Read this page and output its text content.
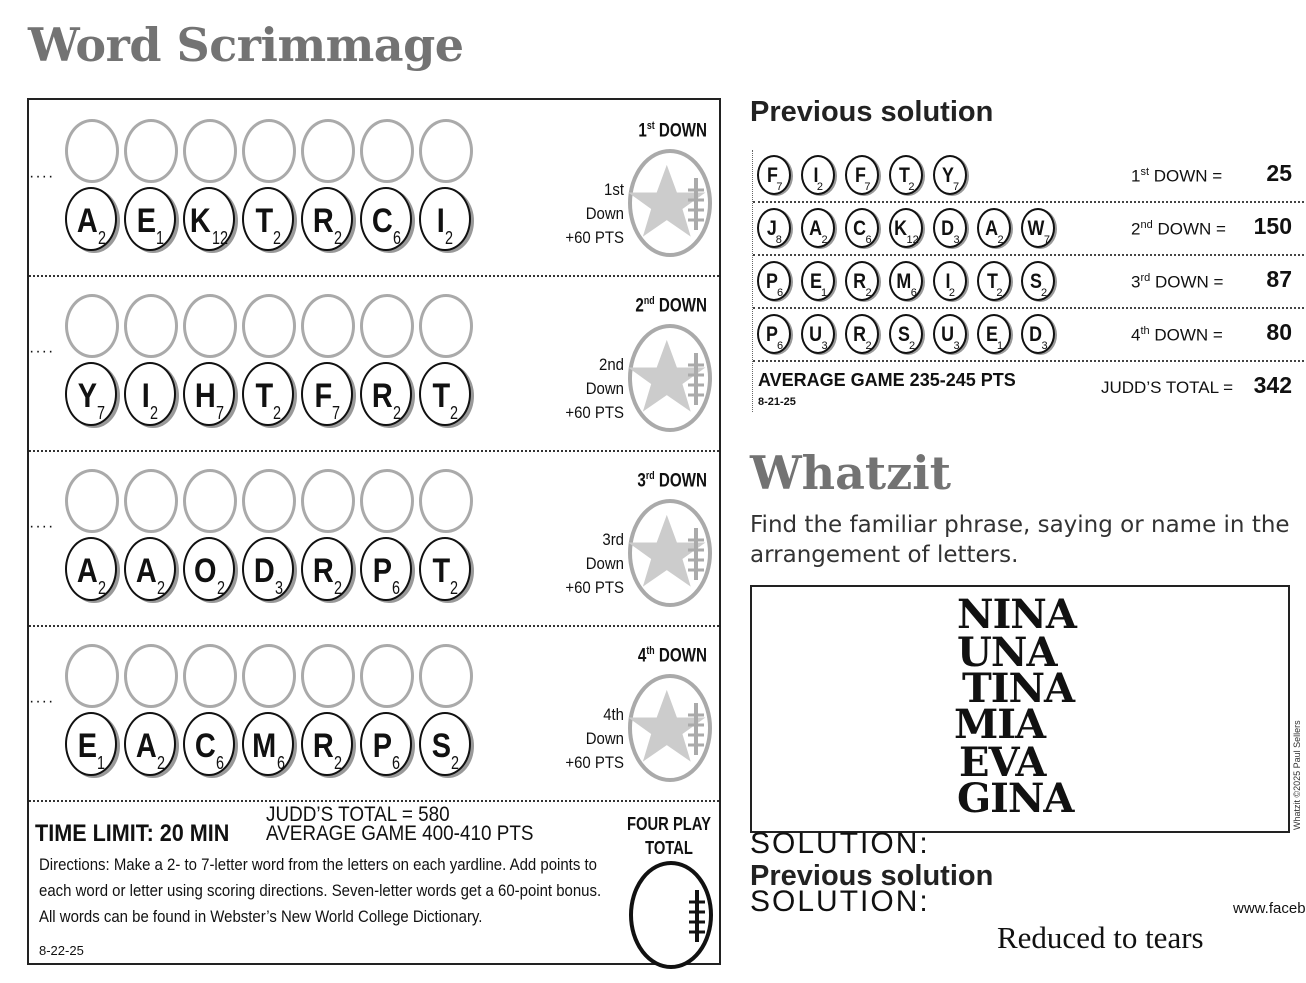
Word Scrimmage
····
A2 E1 K 12 T2 R2 C6	I2
1st DOWN
1st Down
+60 PTS
····
Y7	I2	H7 T2 F7 R2 T2
2nd DOWN
2nd Down
+60 PTS
····
A2 A2 O2 D3 R2 P6 T2
3rd DOWN
3rd Down
+60 PTS
····
E1 A2 C6 M6 R2 P6 S2
4th DOWN
4th Down
+60 PTS
TIME LIMIT: 20 MIN
JUDD’S TOTAL = 580
AVERAGE GAME 400-410 PTS
Directions: Make a 2- to 7-letter word from the letters on each yardline. Add points to each word or letter using scoring directions. Seven-letter words get a 60-point bonus. All words can be found in Webster’s New World College Dictionary.
8-22-25
FOUR PLAY
TOTAL
Previous solution
$F_7$	$I_2$	$F_7$	$T_2$	$Y_7$
1st DOWN = 25
$J_8$	$A_2$	$C_6$	$K_{12}$	$D_3$	$A_2$	$W_7$
2nd DOWN = 150
$P_6$	$E_1$	$R_2$	$M_6$	$I_2$	$T_2$	$S_2$
3rd DOWN = 87
$P_6$	$U_3$	$R_2$	$S_2$	$U_3$	$E_1$	$D_3$
4th DOWN = 80
AVERAGE GAME 235-245 PTS
8-21-25
JUDD’S TOTAL = 342
Whatzit
Find the familiar phrase, saying or name in the arrangement of letters.
NINA
UNA
TINA
MIA
EVA
GINA	Whatzit ©2025 Paul Sellers
SOLUTION:
Previous solution
SOLUTION:	www.faceb
Reduced to tears
